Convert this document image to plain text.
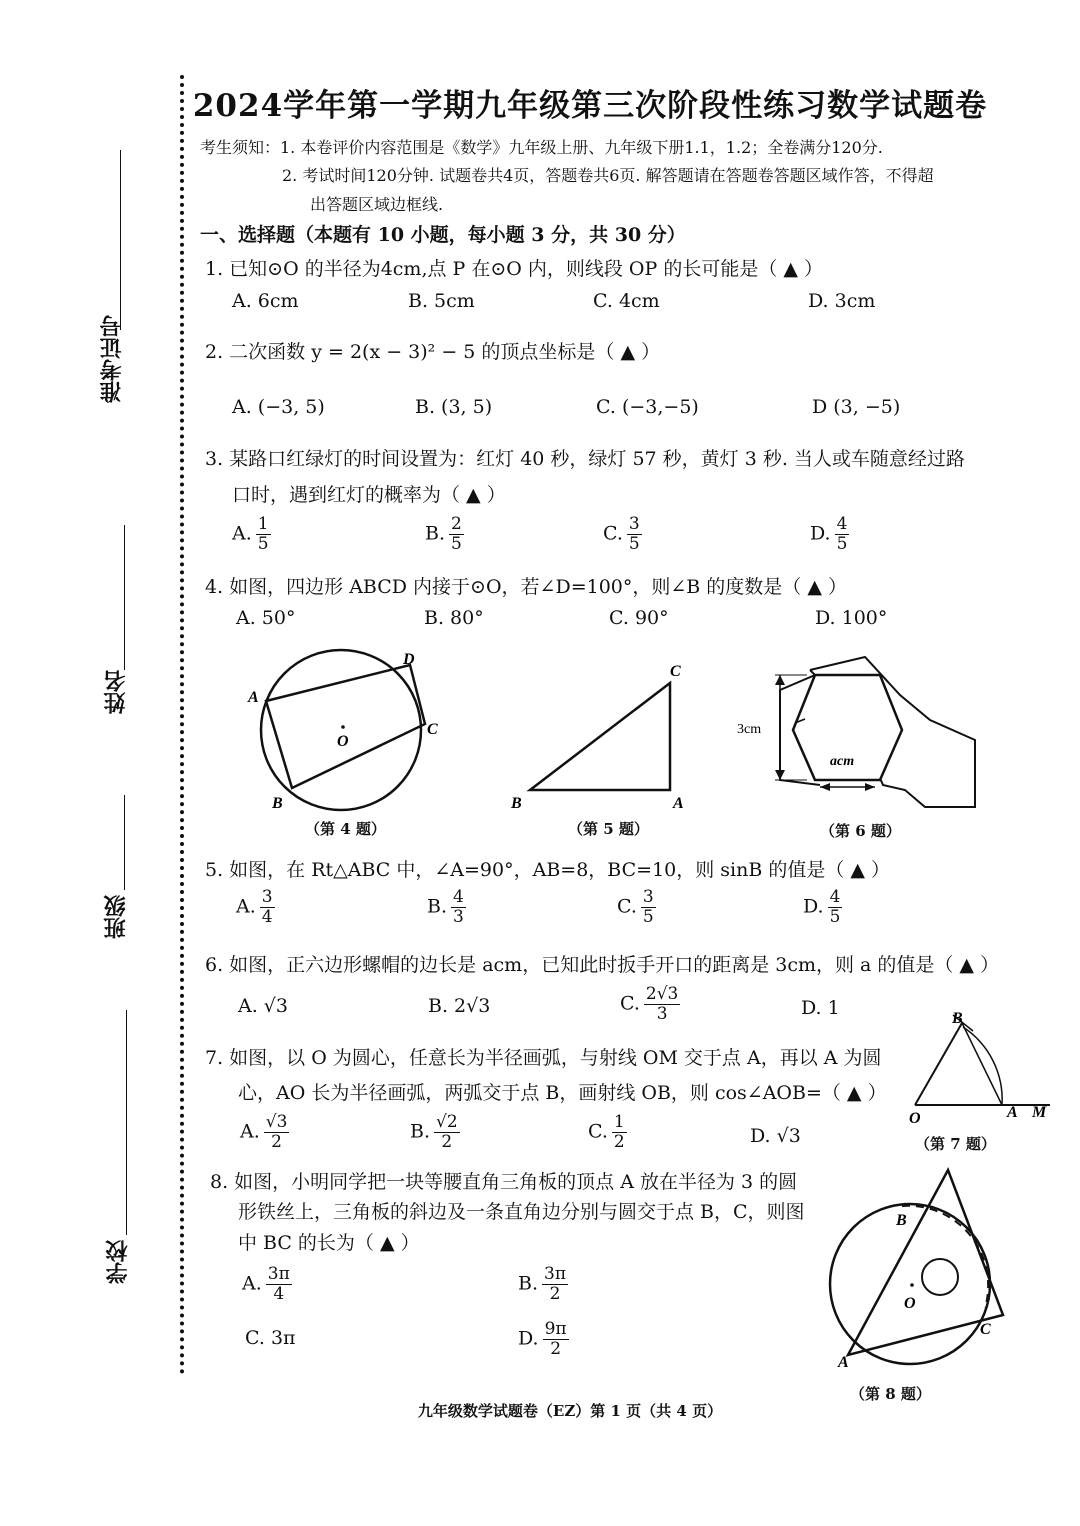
准考证号
姓名
班级
学校
2024学年第一学期九年级第三次阶段性练习数学试题卷
考生须知：1. 本卷评价内容范围是《数学》九年级上册、九年级下册1.1，1.2；全卷满分120分.
2. 考试时间120分钟. 试题卷共4页，答题卷共6页. 解答题请在答题卷答题区域作答，不得超
出答题区域边框线.
一、选择题（本题有 10 小题，每小题 3 分，共 30 分）
1. 已知⊙O 的半径为4cm,点 P 在⊙O 内，则线段 OP 的长可能是（ ▲ ）
A. 6cm	B. 5cm	C. 4cm	D. 3cm
2. 二次函数 y = 2(x − 3)² − 5 的顶点坐标是（ ▲ ）
A. (−3, 5)	B. (3, 5)	C. (−3,−5)	D (3, −5)
3. 某路口红绿灯的时间设置为：红灯 40 秒，绿灯 57 秒，黄灯 3 秒. 当人或车随意经过路
口时，遇到红灯的概率为（ ▲ ）
A. $\frac{1}{5}$	B. $\frac{2}{5}$	C. $\frac{3}{5}$	D. $\frac{4}{5}$
4. 如图，四边形 ABCD 内接于⊙O，若∠D=100°，则∠B 的度数是（ ▲ ）
A. 50°	B. 80°	C. 90°	D. 100°
A
B
C
D
O
（第 4 题）
B	A
C
（第 5 题）
3cm
acm
（第 6 题）
5. 如图，在 Rt△ABC 中，∠A=90°，AB=8，BC=10，则 sinB 的值是（ ▲ ）
A. $\frac{3}{4}$	B. $\frac{4}{3}$	C. $\frac{3}{5}$	D. $\frac{4}{5}$
6. 如图，正六边形螺帽的边长是 acm，已知此时扳手开口的距离是 3cm，则 a 的值是（ ▲ ）
A. √3	B. 2√3	C. $\frac{2√3}{3}$	D. 1
7. 如图，以 O 为圆心，任意长为半径画弧，与射线 OM 交于点 A，再以 A 为圆
心，AO 长为半径画弧，两弧交于点 B，画射线 OB，则 cos∠AOB=（ ▲ ）
A. $\frac{√3}{2}$	B. $\frac{√2}{2}$	C. $\frac{1}{2}$	D. √3
O	A M
B
（第 7 题）
8. 如图，小明同学把一块等腰直角三角板的顶点 A 放在半径为 3 的圆
形铁丝上，三角板的斜边及一条直角边分别与圆交于点 B，C，则图
中 BC 的长为（ ▲ ）
A. $\frac{3\pi}{4}$	B. $\frac{3\pi}{2}$
C. 3π	D. $\frac{9\pi}{2}$
B
C
A
O
（第 8 题）
九年级数学试题卷（EZ）第 1 页（共 4 页）
